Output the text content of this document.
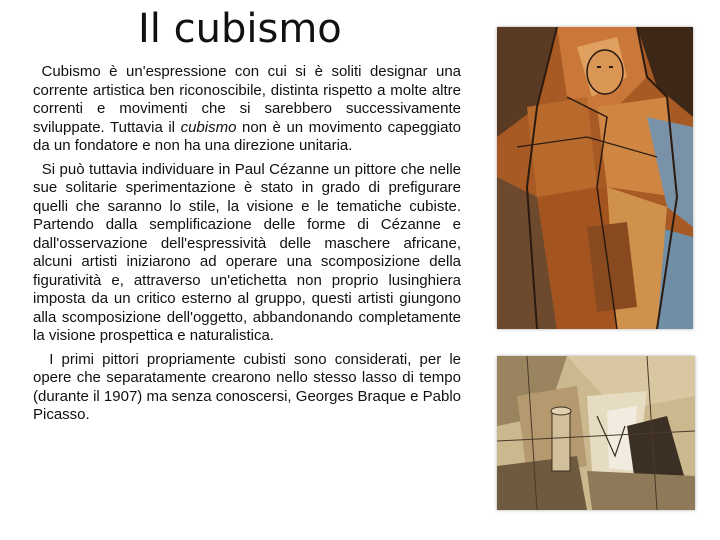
Il cubismo

Cubismo è un'espressione con cui si è soliti designar una corrente artistica ben riconoscibile, distinta rispetto a molte altre correnti e movimenti che si sarebbero successivamente sviluppate. Tuttavia il cubismo non è un movimento capeggiato da un fondatore e non ha una direzione unitaria.

Si può tuttavia individuare in Paul Cézanne un pittore che nelle sue solitarie sperimentazione è stato in grado di prefigurare quelli che saranno lo stile, la visione e le tematiche cubiste. Partendo dalla semplificazione delle forme di Cézanne e dall'osservazione dell'espressività delle maschere africane, alcuni artisti iniziarono ad operare una scomposizione della figuratività e, attraverso un'etichetta non proprio lusinghiera imposta da un critico esterno al gruppo, questi artisti giungono alla scomposizione dell'oggetto, abbandonando completamente la visione prospettica e naturalistica.

I primi pittori propriamente cubisti sono considerati, per le opere che separatamente crearono nello stesso lasso di tempo (durante il 1907) ma senza conoscersi, Georges Braque e Pablo Picasso.
